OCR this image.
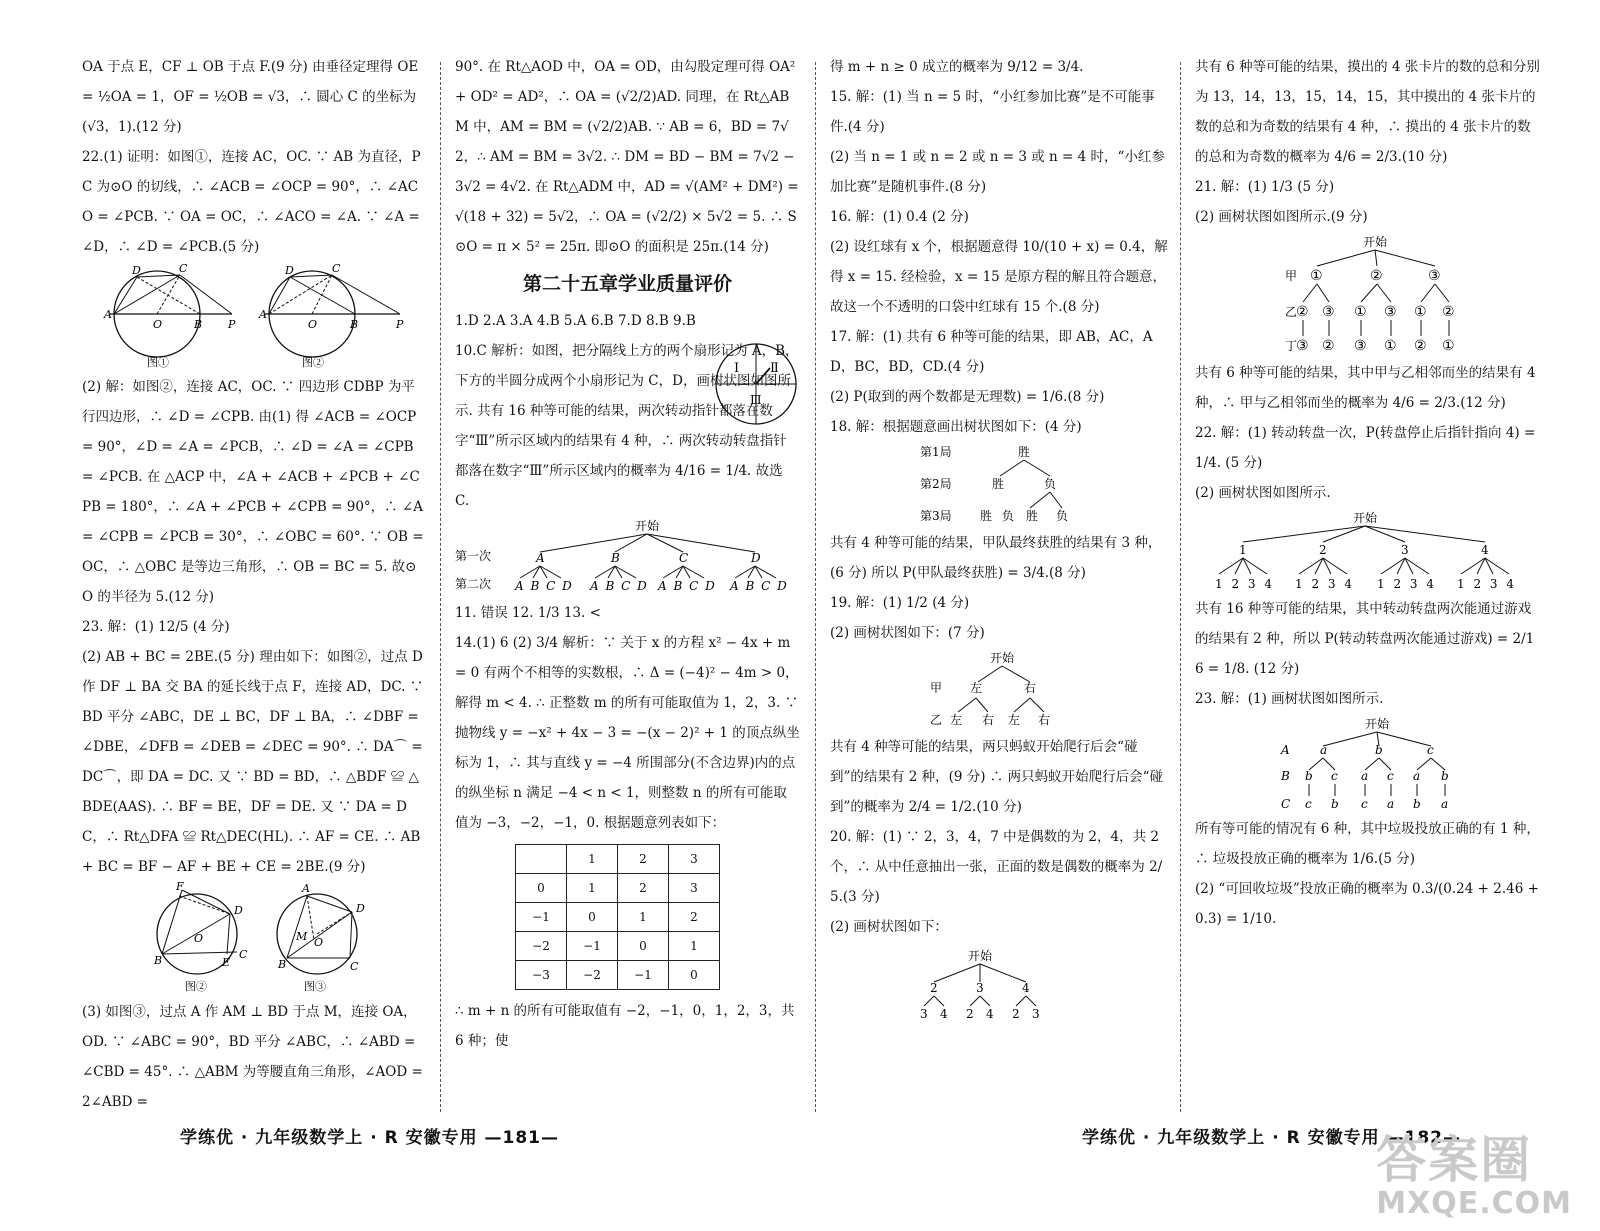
OA 于点 E，CF ⊥ OB 于点 F.(9 分) 由垂径定理得 OE = ½OA = 1，OF = ½OB = √3，∴ 圆心 C 的坐标为(√3，1).(12 分)

22.(1) 证明：如图①，连接 AC，OC. ∵ AB 为直径，PC 为⊙O 的切线，∴ ∠ACB = ∠OCP = 90°，∴ ∠ACO = ∠PCB. ∵ OA = OC，∴ ∠ACO = ∠A. ∵ ∠A = ∠D，∴ ∠D = ∠PCB.(5 分)

A
D	C
O	B P
图①
A
D	C
O	B	P
图②

(2) 解：如图②，连接 AC，OC. ∵ 四边形 CDBP 为平行四边形，∴ ∠D = ∠CPB. 由(1) 得 ∠ACB = ∠OCP = 90°，∠D = ∠A = ∠PCB，∴ ∠D = ∠A = ∠CPB = ∠PCB. 在 △ACP 中，∠A + ∠ACB + ∠PCB + ∠CPB = 180°，∴ ∠A + ∠PCB + ∠CPB = 90°，∴ ∠A = ∠CPB = ∠PCB = 30°，∴ ∠OBC = 60°. ∵ OB = OC，∴ △OBC 是等边三角形，∴ OB = BC = 5. 故⊙O 的半径为 5.(12 分)

23. 解：(1) 12/5 (4 分)

(2) AB + BC = 2BE.(5 分) 理由如下：如图②，过点 D 作 DF ⊥ BA 交 BA 的延长线于点 F，连接 AD，DC. ∵ BD 平分 ∠ABC，DE ⊥ BC，DF ⊥ BA，∴ ∠DBF = ∠DBE，∠DFB = ∠DEB = ∠DEC = 90°. ∴ DA⌒ = DC⌒，即 DA = DC. 又 ∵ BD = BD，∴ △BDF ≌ △BDE(AAS). ∴ BF = BE，DF = DE. 又 ∵ DA = DC，∴ Rt△DFA ≌ Rt△DEC(HL). ∴ AF = CE. ∴ AB + BC = BF − AF + BE + CE = 2BE.(9 分)

F
D
B
O
E
C
图②
A
D
M O
B	C
图③

(3) 如图③，过点 A 作 AM ⊥ BD 于点 M，连接 OA，OD. ∵ ∠ABC = 90°，BD 平分 ∠ABC，∴ ∠ABD = ∠CBD = 45°. ∴ △ABM 为等腰直角三角形，∠AOD = 2∠ABD =

90°. 在 Rt△AOD 中，OA = OD，由勾股定理可得 OA² + OD² = AD²，∴ OA = (√2/2)AD. 同理，在 Rt△ABM 中，AM = BM = (√2/2)AB. ∵ AB = 6，BD = 7√2，∴ AM = BM = 3√2. ∴ DM = BD − BM = 7√2 − 3√2 = 4√2. 在 Rt△ADM 中，AD = √(AM² + DM²) = √(18 + 32) = 5√2，∴ OA = (√2/2) × 5√2 = 5. ∴ S⊙O = π × 5² = 25π. 即⊙O 的面积是 25π.(14 分)

第二十五章学业质量评价

1.D 2.A 3.A 4.B 5.A 6.B 7.D 8.B 9.B

Ⅰ Ⅱ
Ⅲ

10.C 解析：如图，把分隔线上方的两个扇形记为 A，B，下方的半圆分成两个小扇形记为 C，D，画树状图如图所示. 共有 16 种等可能的结果，两次转动指针都落在数字“Ⅲ”所示区域内的结果有 4 种，∴ 两次转动转盘指针都落在数字“Ⅲ”所示区域内的概率为 4/16 = 1/4. 故选 C.

开始
第一次
第二次
A	B	C	D
A B C D A B C D A B C D A B C D

11. 错误 12. 1/3 13. <

14.(1) 6 (2) 3/4 解析：∵ 关于 x 的方程 x² − 4x + m = 0 有两个不相等的实数根，∴ Δ = (−4)² − 4m > 0，解得 m < 4. ∴ 正整数 m 的所有可能取值为 1，2，3. ∵ 抛物线 y = −x² + 4x − 3 = −(x − 2)² + 1 的顶点纵坐标为 1，∴ 其与直线 y = −4 所围部分(不含边界)内的点的纵坐标 n 满足 −4 < n < 1，则整数 n 的所有可能取值为 −3，−2，−1，0. 根据题意列表如下：

	1	2	3
0	1	2	3
−1	0	1	2
−2	−1	0	1
−3	−2	−1	0

∴ m + n 的所有可能取值有 −2，−1，0，1，2，3，共 6 种；使

得 m + n ≥ 0 成立的概率为 9/12 = 3/4.

15. 解：(1) 当 n = 5 时，“小红参加比赛”是不可能事件.(4 分)

(2) 当 n = 1 或 n = 2 或 n = 3 或 n = 4 时，“小红参加比赛”是随机事件.(8 分)

16. 解：(1) 0.4 (2 分)

(2) 设红球有 x 个，根据题意得 10/(10 + x) = 0.4，解得 x = 15. 经检验，x = 15 是原方程的解且符合题意，故这一个不透明的口袋中红球有 15 个.(8 分)

17. 解：(1) 共有 6 种等可能的结果，即 AB，AC，AD，BC，BD，CD.(4 分)

(2) P(取到的两个数都是无理数) = 1/6.(8 分)

18. 解：根据题意画出树状图如下：(4 分)

第1局
第2局
第3局
胜
胜	负
胜 负 胜 负

共有 4 种等可能的结果，甲队最终获胜的结果有 3 种，(6 分) 所以 P(甲队最终获胜) = 3/4.(8 分)

19. 解：(1) 1/2 (4 分)

(2) 画树状图如下：(7 分)

开始
甲
乙
左	右
左 右 左 右

共有 4 种等可能的结果，两只蚂蚁开始爬行后会“碰到”的结果有 2 种，(9 分) ∴ 两只蚂蚁开始爬行后会“碰到”的概率为 2/4 = 1/2.(10 分)

20. 解：(1) ∵ 2，3，4，7 中是偶数的为 2，4，共 2 个，∴ 从中任意抽出一张，正面的数是偶数的概率为 2/5.(3 分)

(2) 画树状图如下：

开始
2	3	4
3 4 2 4 2 3

共有 6 种等可能的结果，摸出的 4 张卡片的数的总和分别为 13，14，13，15，14，15，其中摸出的 4 张卡片的数的总和为奇数的结果有 4 种，∴ 摸出的 4 张卡片的数的总和为奇数的概率为 4/6 = 2/3.(10 分)

21. 解：(1) 1/3 (5 分)

(2) 画树状图如图所示.(9 分)

开始
甲
乙
丁
①	②	③
② ③ ① ③ ① ②
③ ② ③ ① ② ①

共有 6 种等可能的结果，其中甲与乙相邻而坐的结果有 4 种，∴ 甲与乙相邻而坐的概率为 4/6 = 2/3.(12 分)

22. 解：(1) 转动转盘一次，P(转盘停止后指针指向 4) = 1/4. (5 分)

(2) 画树状图如图所示.

开始
1	2	3	4
1 2 3 4 1 2 3 4 1 2 3 4 1 2 3 4

共有 16 种等可能的结果，其中转动转盘两次能通过游戏的结果有 2 种，所以 P(转动转盘两次能通过游戏) = 2/16 = 1/8. (12 分)

23. 解：(1) 画树状图如图所示.

开始
A
B
C
a	b	c
b c a c a b
c b c a b a

所有等可能的情况有 6 种，其中垃圾投放正确的有 1 种，∴ 垃圾投放正确的概率为 1/6.(5 分)

(2) “可回收垃圾”投放正确的概率为 0.3/(0.24 + 2.46 + 0.3) = 1/10.

学练优 · 九年级数学上 · R 安徽专用 —181—	学练优 · 九年级数学上 · R 安徽专用 —182—
答案圈
MXQE.COM
